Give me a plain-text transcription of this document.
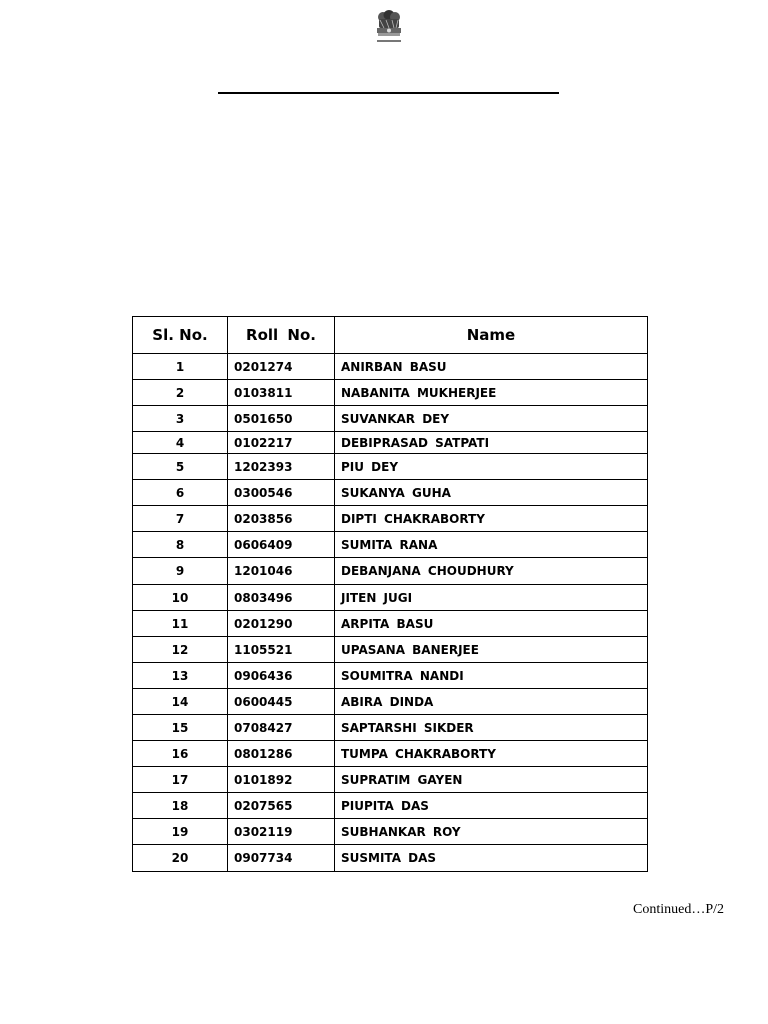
Sl. No.	Roll No.	Name
1	0201274	ANIRBAN BASU
2	0103811	NABANITA MUKHERJEE
3	0501650	SUVANKAR DEY
4	0102217	DEBIPRASAD SATPATI
5	1202393	PIU DEY
6	0300546	SUKANYA GUHA
7	0203856	DIPTI CHAKRABORTY
8	0606409	SUMITA RANA
9	1201046	DEBANJANA CHOUDHURY
10	0803496	JITEN JUGI
11	0201290	ARPITA BASU
12	1105521	UPASANA BANERJEE
13	0906436	SOUMITRA NANDI
14	0600445	ABIRA DINDA
15	0708427	SAPTARSHI SIKDER
16	0801286	TUMPA CHAKRABORTY
17	0101892	SUPRATIM GAYEN
18	0207565	PIUPITA DAS
19	0302119	SUBHANKAR ROY
20	0907734	SUSMITA DAS
Continued…P/2
